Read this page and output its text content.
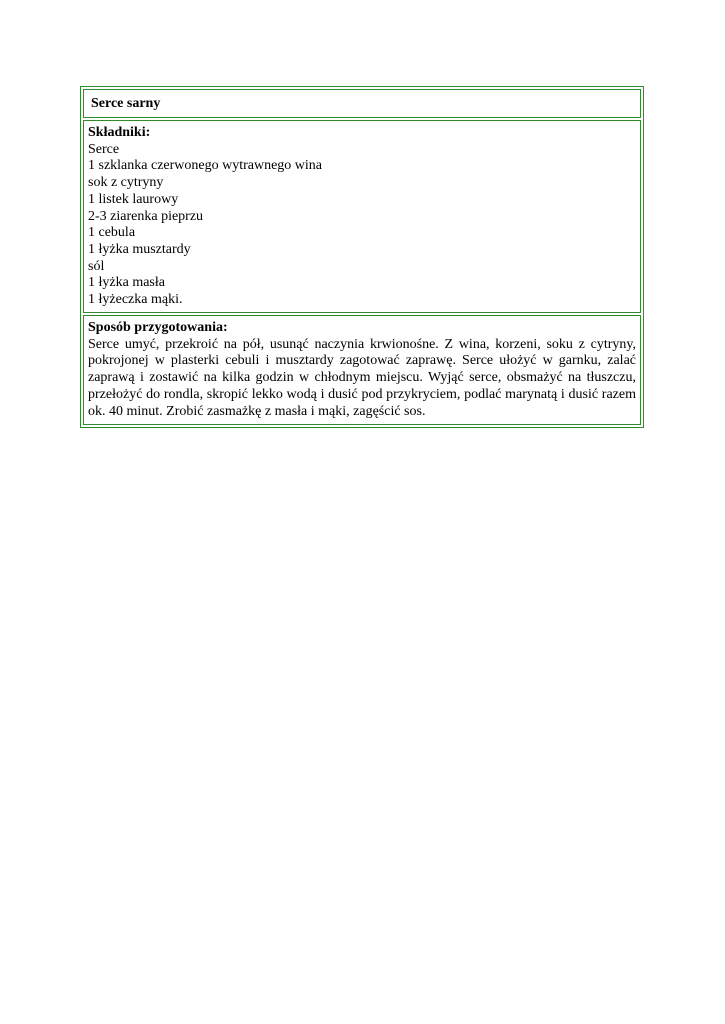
Serce sarny
Składniki:
Serce
1 szklanka czerwonego wytrawnego wina
sok z cytryny
1 listek laurowy
2-3 ziarenka pieprzu
1 cebula
1 łyżka musztardy
sól
1 łyżka masła
1 łyżeczka mąki.
Sposób przygotowania:
Serce umyć, przekroić na pół, usunąć naczynia krwionośne. Z wina, korzeni, soku z cytryny, pokrojonej w plasterki cebuli i musztardy zagotować zaprawę. Serce ułożyć w garnku, zalać zaprawą i zostawić na kilka godzin w chłodnym miejscu. Wyjąć serce, obsmażyć na tłuszczu, przełożyć do rondla, skropić lekko wodą i dusić pod przykryciem, podlać marynatą i dusić razem ok. 40 minut. Zrobić zasmażkę z masła i mąki, zagęścić sos.
